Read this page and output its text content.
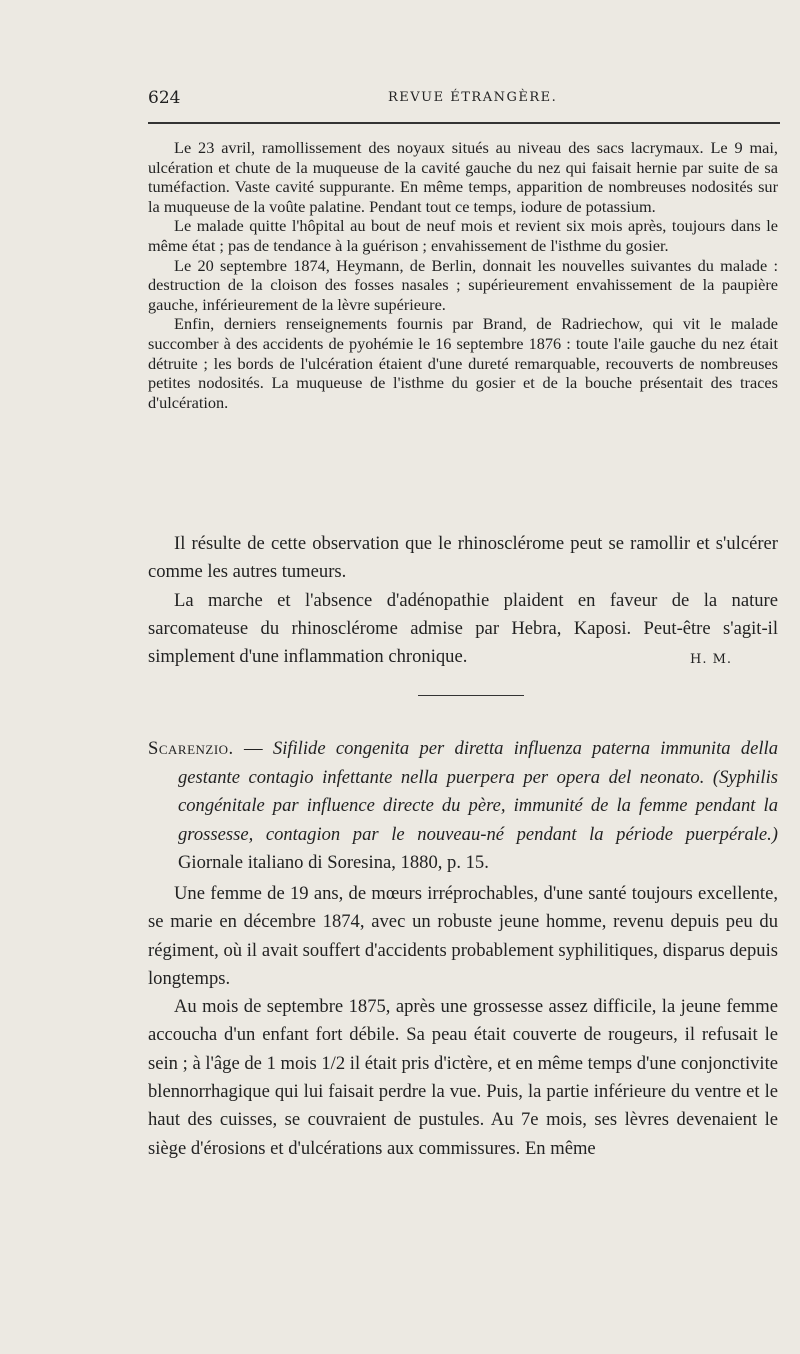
624	REVUE ÉTRANGÈRE.

Le 23 avril, ramollissement des noyaux situés au niveau des sacs lacrymaux. Le 9 mai, ulcération et chute de la muqueuse de la cavité gauche du nez qui faisait hernie par suite de sa tuméfaction. Vaste cavité suppurante. En même temps, apparition de nombreuses nodosités sur la muqueuse de la voûte palatine. Pendant tout ce temps, iodure de potassium.

Le malade quitte l'hôpital au bout de neuf mois et revient six mois après, toujours dans le même état ; pas de tendance à la guérison ; envahissement de l'isthme du gosier.

Le 20 septembre 1874, Heymann, de Berlin, donnait les nouvelles suivantes du malade : destruction de la cloison des fosses nasales ; supérieurement envahissement de la paupière gauche, inférieurement de la lèvre supérieure.

Enfin, derniers renseignements fournis par Brand, de Radriechow, qui vit le malade succomber à des accidents de pyohémie le 16 septembre 1876 : toute l'aile gauche du nez était détruite ; les bords de l'ulcération étaient d'une dureté remarquable, recouverts de nombreuses petites nodosités. La muqueuse de l'isthme du gosier et de la bouche présentait des traces d'ulcération.

Il résulte de cette observation que le rhinosclérome peut se ramollir et s'ulcérer comme les autres tumeurs.

La marche et l'absence d'adénopathie plaident en faveur de la nature sarcomateuse du rhinosclérome admise par Hebra, Kaposi. Peut-être s'agit-il simplement d'une inflammation chronique.	H. M.

Scarenzio. — Sifilide congenita per diretta influenza paterna immunita della gestante contagio infettante nella puerpera per opera del neonato. (Syphilis congénitale par influence directe du père, immunité de la femme pendant la grossesse, contagion par le nouveau-né pendant la période puerpérale.) Giornale italiano di Soresina, 1880, p. 15.

Une femme de 19 ans, de mœurs irréprochables, d'une santé toujours excellente, se marie en décembre 1874, avec un robuste jeune homme, revenu depuis peu du régiment, où il avait souffert d'accidents probablement syphilitiques, disparus depuis longtemps.

Au mois de septembre 1875, après une grossesse assez difficile, la jeune femme accoucha d'un enfant fort débile. Sa peau était couverte de rougeurs, il refusait le sein ; à l'âge de 1 mois 1/2 il était pris d'ictère, et en même temps d'une conjonctivite blennorrhagique qui lui faisait perdre la vue. Puis, la partie inférieure du ventre et le haut des cuisses, se couvraient de pustules. Au 7e mois, ses lèvres devenaient le siège d'érosions et d'ulcérations aux commissures. En même
